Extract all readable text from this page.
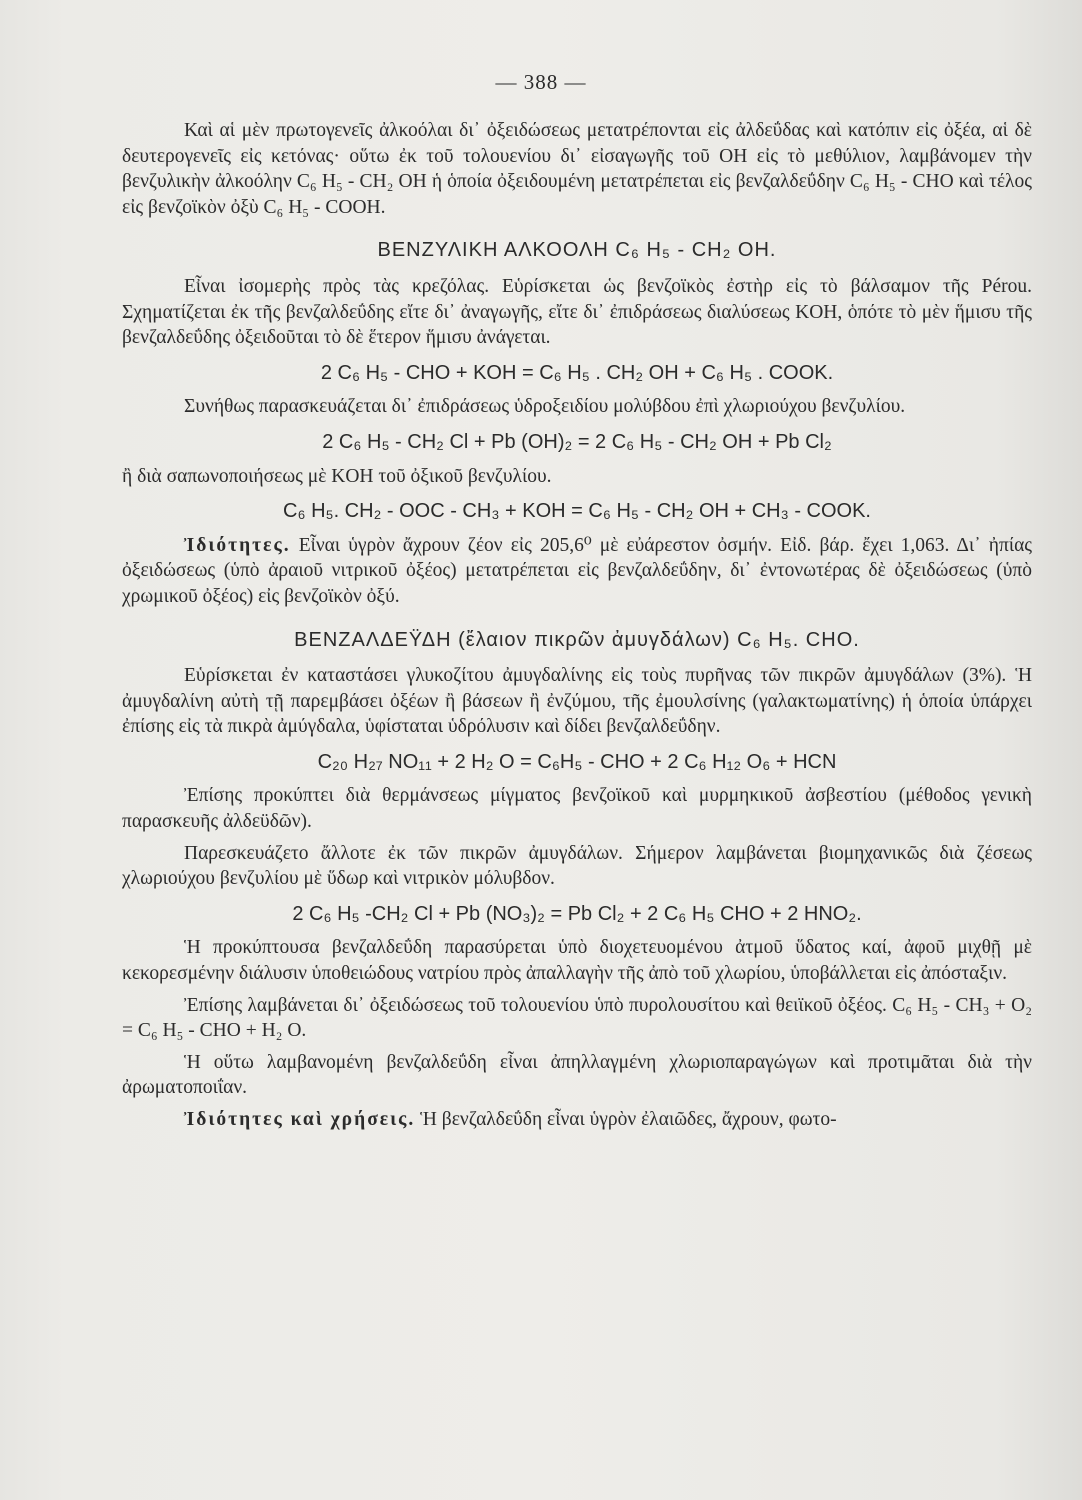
— 388 —
Καὶ αἱ μὲν πρωτογενεῖς ἀλκοόλαι δι᾽ ὀξειδώσεως μετατρέπονται εἰς ἀλδεΰδας καὶ κατόπιν εἰς ὀξέα, αἱ δὲ δευτερογενεῖς εἰς κετόνας· οὕτω ἐκ τοῦ τολουενίου δι᾽ εἰσαγωγῆς τοῦ OH εἰς τὸ μεθύλιον, λαμβάνομεν τὴν βενζυλικὴν ἀλκοόλην C₆ H₅ - CH₂ OH ἡ ὁποία ὀξειδουμένη μετατρέπεται εἰς βενζαλδεΰδην C₆ H₅ - CHO καὶ τέλος εἰς βενζοϊκὸν ὀξὺ C₆ H₅ - COOH.
ΒΕΝΖΥΛΙΚΗ ΑΛΚΟΟΛΗ C₆ H₅ - CH₂ OH.
Εἶναι ἰσομερὴς πρὸς τὰς κρεζόλας. Εὑρίσκεται ὡς βενζοϊκὸς ἐστὴρ εἰς τὸ βάλσαμον τῆς Pérou. Σχηματίζεται ἐκ τῆς βενζαλδεΰδης εἴτε δι᾽ ἀναγωγῆς, εἴτε δι᾽ ἐπιδράσεως διαλύσεως KOH, ὁπότε τὸ μὲν ἥμισυ τῆς βενζαλδεΰδης ὀξειδοῦται τὸ δὲ ἕτερον ἥμισυ ἀνάγεται.
2 C₆ H₅ - CHO + KOH = C₆ H₅ . CH₂ OH + C₆ H₅ . COOK.
Συνήθως παρασκευάζεται δι᾽ ἐπιδράσεως ὑδροξειδίου μολύβδου ἐπὶ χλωριούχου βενζυλίου.
2 C₆ H₅ - CH₂ Cl + Pb (OH)₂ = 2 C₆ H₅ - CH₂ OH + Pb Cl₂
ἢ διὰ σαπωνοποιήσεως μὲ KOH τοῦ ὀξικοῦ βενζυλίου.
C₆ H₅. CH₂ - OOC - CH₃ + KOH = C₆ H₅ - CH₂ OH + CH₃ - COOK.
Ἰδιότητες. Εἶναι ὑγρὸν ἄχρουν ζέον εἰς 205,6⁰ μὲ εὐάρεστον ὀσμήν. Εἰδ. βάρ. ἔχει 1,063. Δι᾽ ἠπίας ὀξειδώσεως (ὑπὸ ἀραιοῦ νιτρικοῦ ὀξέος) μετατρέπεται εἰς βενζαλδεΰδην, δι᾽ ἐντονωτέρας δὲ ὀξειδώσεως (ὑπὸ χρωμικοῦ ὀξέος) εἰς βενζοϊκὸν ὀξύ.
ΒΕΝΖΑΛΔΕΫΔΗ (ἔλαιον πικρῶν ἀμυγδάλων) C₆ H₅. CHO.
Εὑρίσκεται ἐν καταστάσει γλυκοζίτου ἀμυγδαλίνης εἰς τοὺς πυρῆνας τῶν πικρῶν ἀμυγδάλων (3%). Ἡ ἀμυγδαλίνη αὐτὴ τῇ παρεμβάσει ὀξέων ἢ βάσεων ἢ ἐνζύμου, τῆς ἐμουλσίνης (γαλακτωματίνης) ἡ ὁποία ὑπάρχει ἐπίσης εἰς τὰ πικρὰ ἀμύγδαλα, ὑφίσταται ὑδρόλυσιν καὶ δίδει βενζαλδεΰδην.
C₂₀ H₂₇ NO₁₁ + 2 H₂ O = C₆H₅ - CHO + 2 C₆ H₁₂ O₆ + HCN
Ἐπίσης προκύπτει διὰ θερμάνσεως μίγματος βενζοϊκοῦ καὶ μυρμηκικοῦ ἀσβεστίου (μέθοδος γενικὴ παρασκευῆς ἀλδεϋδῶν).
Παρεσκευάζετο ἄλλοτε ἐκ τῶν πικρῶν ἀμυγδάλων. Σήμερον λαμβάνεται βιομηχανικῶς διὰ ζέσεως χλωριούχου βενζυλίου μὲ ὕδωρ καὶ νιτρικὸν μόλυβδον.
2 C₆ H₅ -CH₂ Cl + Pb (NO₃)₂ = Pb Cl₂ + 2 C₆ H₅ CHO + 2 HNO₂.
Ἡ προκύπτουσα βενζαλδεΰδη παρασύρεται ὑπὸ διοχετευομένου ἀτμοῦ ὕδατος καί, ἀφοῦ μιχθῇ μὲ κεκορεσμένην διάλυσιν ὑποθειώδους νατρίου πρὸς ἀπαλλαγὴν τῆς ἀπὸ τοῦ χλωρίου, ὑποβάλλεται εἰς ἀπόσταξιν.
Ἐπίσης λαμβάνεται δι᾽ ὀξειδώσεως τοῦ τολουενίου ὑπὸ πυρολουσίτου καὶ θειϊκοῦ ὀξέος. C₆ H₅ - CH₃ + O₂ = C₆ H₅ - CHO + H₂ O.
Ἡ οὕτω λαμβανομένη βενζαλδεΰδη εἶναι ἀπηλλαγμένη χλωριοπαραγώγων καὶ προτιμᾶται διὰ τὴν ἀρωματοποιΐαν.
Ἰδιότητες καὶ χρήσεις. Ἡ βενζαλδεΰδη εἶναι ὑγρὸν ἐλαιῶδες, ἄχρουν, φωτο-
